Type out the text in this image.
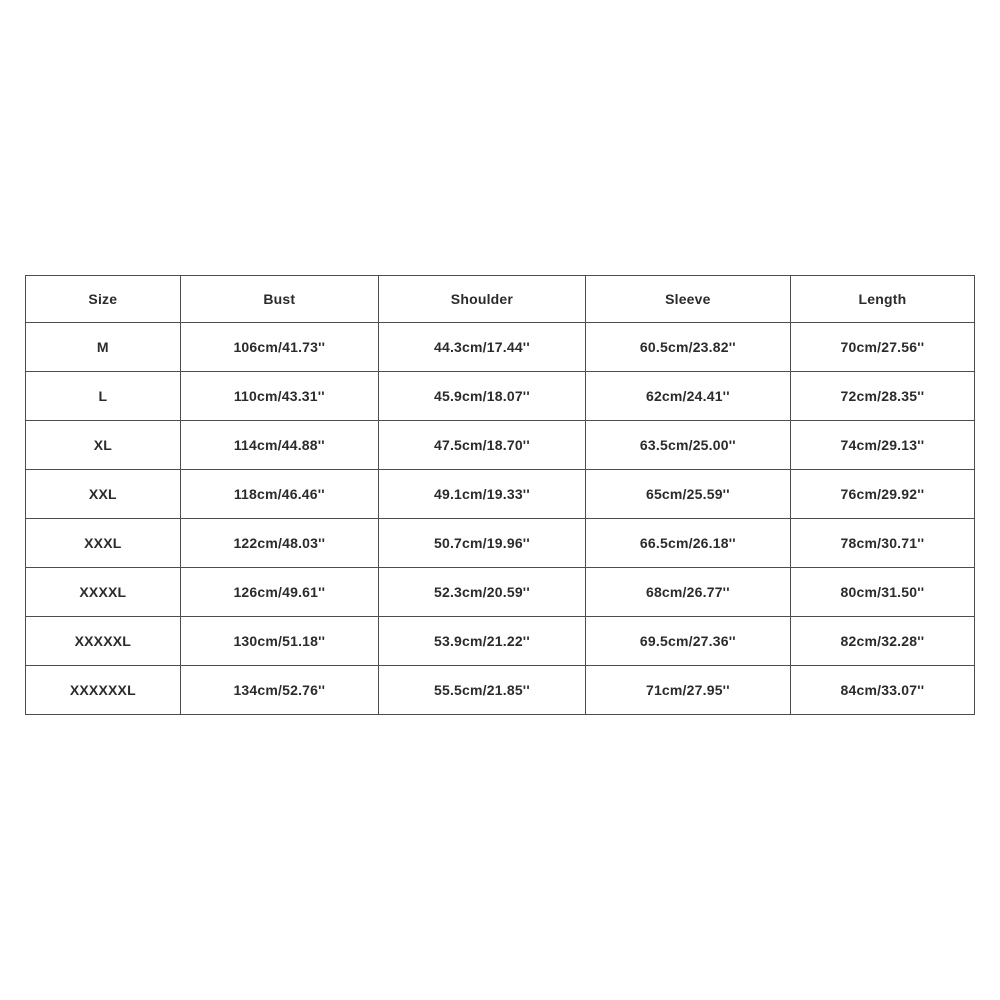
Size	Bust	Shoulder	Sleeve	Length
M	106cm/41.73''	44.3cm/17.44''	60.5cm/23.82''	70cm/27.56''
L	110cm/43.31''	45.9cm/18.07''	62cm/24.41''	72cm/28.35''
XL	114cm/44.88''	47.5cm/18.70''	63.5cm/25.00''	74cm/29.13''
XXL	118cm/46.46''	49.1cm/19.33''	65cm/25.59''	76cm/29.92''
XXXL	122cm/48.03''	50.7cm/19.96''	66.5cm/26.18''	78cm/30.71''
XXXXL	126cm/49.61''	52.3cm/20.59''	68cm/26.77''	80cm/31.50''
XXXXXL	130cm/51.18''	53.9cm/21.22''	69.5cm/27.36''	82cm/32.28''
XXXXXXL	134cm/52.76''	55.5cm/21.85''	71cm/27.95''	84cm/33.07''
